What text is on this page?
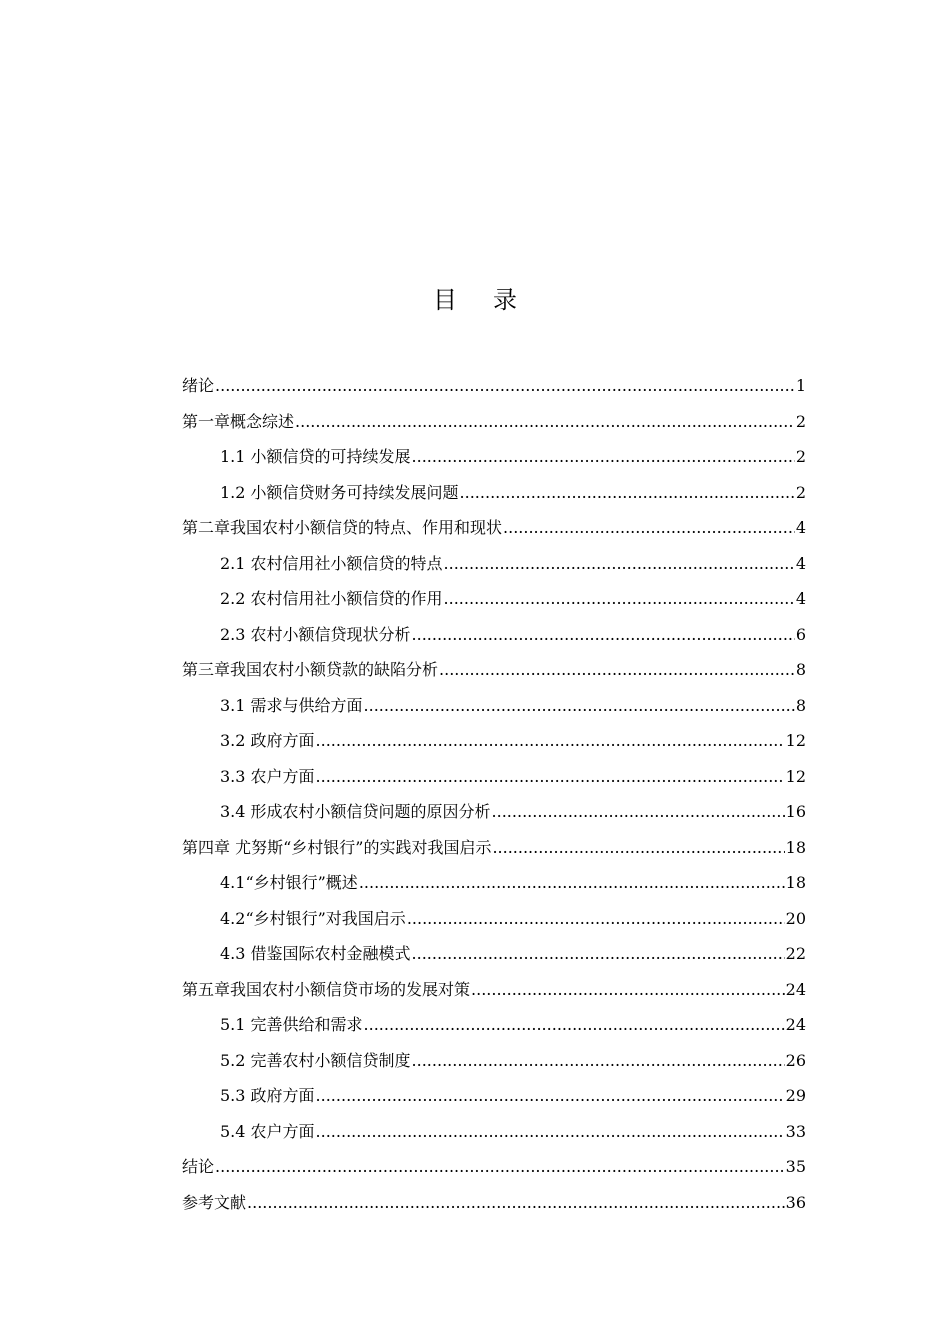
目 录
绪论 .....	1
第一章概念综述 .....	2
1.1 小额信贷的可持续发展 .....	2
1.2 小额信贷财务可持续发展问题 .....	2
第二章我国农村小额信贷的特点、作用和现状 .....	4
2.1 农村信用社小额信贷的特点 .....	4
2.2 农村信用社小额信贷的作用 .....	4
2.3 农村小额信贷现状分析 .....	6
第三章我国农村小额贷款的缺陷分析 .....	8
3.1 需求与供给方面 .....	8
3.2 政府方面 .....	12
3.3 农户方面 .....	12
3.4 形成农村小额信贷问题的原因分析 .....	16
第四章 尤努斯“乡村银行”的实践对我国启示 .....	18
4.1“乡村银行”概述 .....	18
4.2“乡村银行”对我国启示 .....	20
4.3 借鉴国际农村金融模式 .....	22
第五章我国农村小额信贷市场的发展对策 .....	24
5.1 完善供给和需求 .....	24
5.2 完善农村小额信贷制度 .....	26
5.3 政府方面 .....	29
5.4 农户方面 .....	33
结论 .....	35
参考文献 .....	36
